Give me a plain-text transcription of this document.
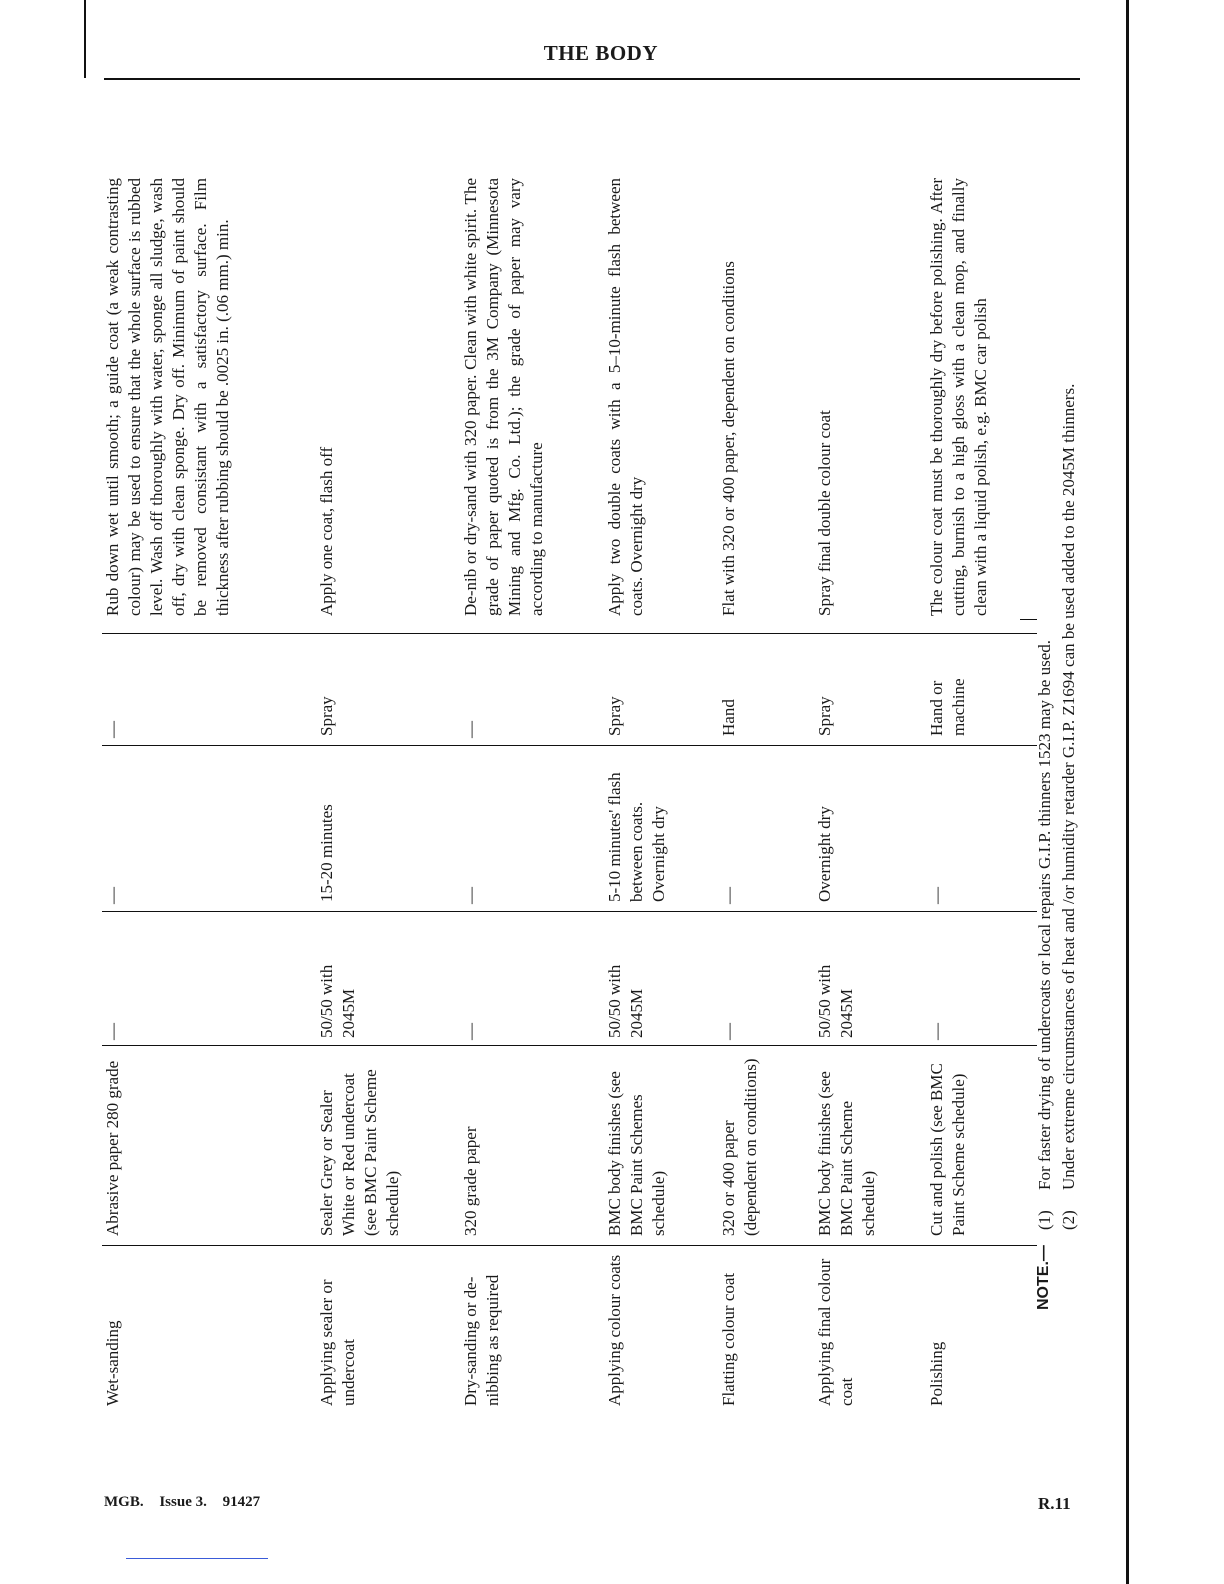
THE BODY
Wet-sanding
Abrasive paper 280 grade
—
—
—
Rub down wet until smooth; a guide coat (a weak contrasting colour) may be used to ensure that the whole surface is rubbed level. Wash off thoroughly with water, sponge all sludge, wash off, dry with clean sponge. Dry off. Minimum of paint should be removed consistant with a satisfactory surface. Film thickness after rubbing should be .0025 in. (.06 mm.) min.
Applying sealer or undercoat
Sealer Grey or Sealer White or Red undercoat (see BMC Paint Scheme schedule)
50/50 with 2045M
15-20 minutes
Spray
Apply one coat, flash off
Dry-sanding or de-nibbing as required
320 grade paper
—
—
—
De-nib or dry-sand with 320 paper. Clean with white spirit. The grade of paper quoted is from the 3M Company (Minnesota Mining and Mfg. Co. Ltd.); the grade of paper may vary according to manufacture
Applying colour coats
BMC body finishes (see BMC Paint Schemes schedule)
50/50 with 2045M
5-10 minutes' flash between coats. Overnight dry
Spray
Apply two double coats with a 5–10-minute flash between coats. Overnight dry
Flatting colour coat
320 or 400 paper (dependent on conditions)
—
—
Hand
Flat with 320 or 400 paper, dependent on conditions
Applying final colour coat
BMC body finishes (see BMC Paint Scheme schedule)
50/50 with 2045M
Overnight dry
Spray
Spray final double colour coat
Polishing
Cut and polish (see BMC Paint Scheme schedule)
—
—
Hand or machine
The colour coat must be thoroughly dry before polishing. After cutting, burnish to a high gloss with a clean mop, and finally clean with a liquid polish, e.g. BMC car polish
NOTE.—
(1)
For faster drying of undercoats or local repairs G.I.P. thinners 1523 may be used.
(2)
Under extreme circumstances of heat and /or humidity retarder G.I.P. Z1694 can be used added to the 2045M thinners.
MGB. Issue 3. 91427	R.11
